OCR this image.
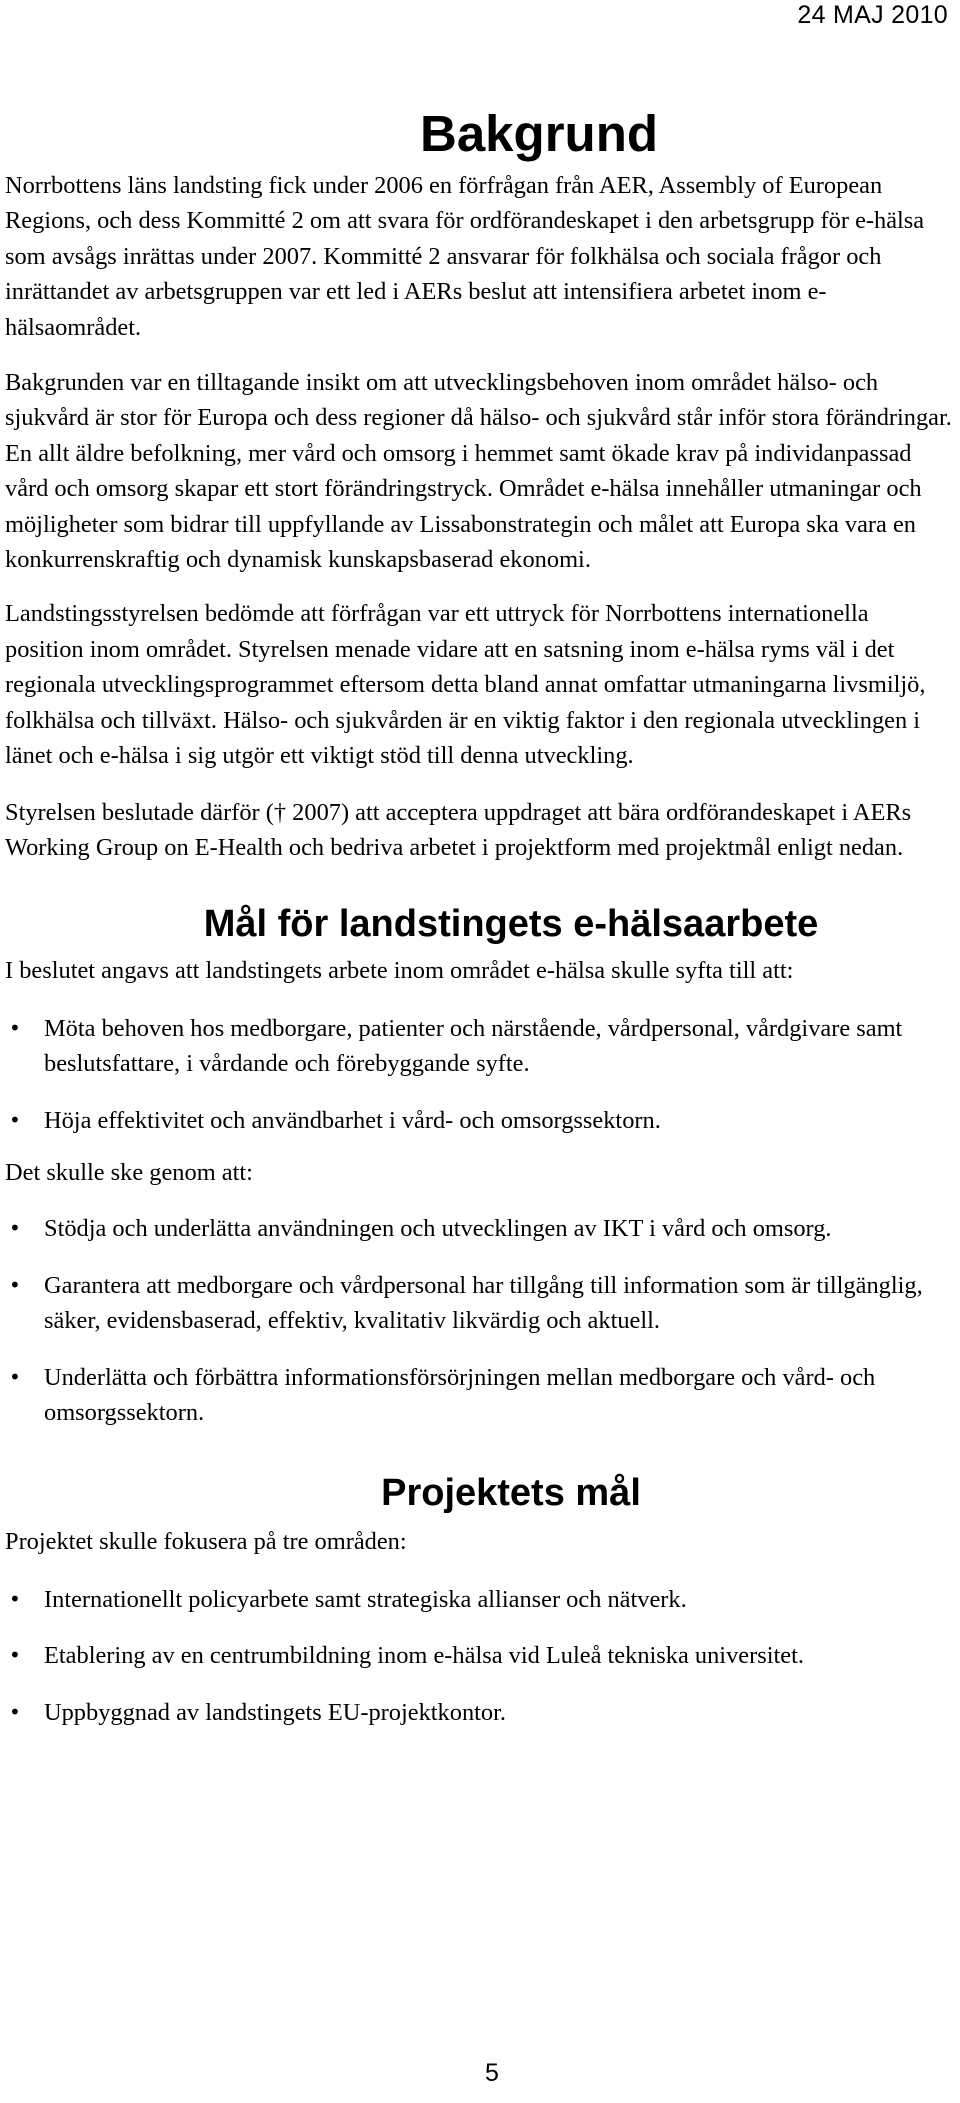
24 MAJ 2010
Bakgrund

Norrbottens läns landsting fick under 2006 en förfrågan från AER, Assembly of European Regions, och dess Kommitté 2 om att svara för ordförandeskapet i den arbetsgrupp för e-hälsa som avsågs inrättas under 2007. Kommitté 2 ansvarar för folkhälsa och sociala frågor och inrättandet av arbetsgruppen var ett led i AERs beslut att intensifiera arbetet inom e-hälsaområdet.

Bakgrunden var en tilltagande insikt om att utvecklingsbehoven inom området hälso- och sjukvård är stor för Europa och dess regioner då hälso- och sjukvård står inför stora förändringar. En allt äldre befolkning, mer vård och omsorg i hemmet samt ökade krav på individanpassad vård och omsorg skapar ett stort förändringstryck. Området e-hälsa innehåller utmaningar och möjligheter som bidrar till uppfyllande av Lissabonstrategin och målet att Europa ska vara en konkurrenskraftig och dynamisk kunskapsbaserad ekonomi.

Landstingsstyrelsen bedömde att förfrågan var ett uttryck för Norrbottens internationella position inom området. Styrelsen menade vidare att en satsning inom e-hälsa ryms väl i det regionala utvecklingsprogrammet eftersom detta bland annat omfattar utmaningarna livsmiljö, folkhälsa och tillväxt. Hälso- och sjukvården är en viktig faktor i den regionala utvecklingen i länet och e-hälsa i sig utgör ett viktigt stöd till denna utveckling.

Styrelsen beslutade därför († 2007) att acceptera uppdraget att bära ordförandeskapet i AERs Working Group on E-Health och bedriva arbetet i projektform med projektmål enligt nedan.

Mål för landstingets e-hälsaarbete

I beslutet angavs att landstingets arbete inom området e-hälsa skulle syfta till att:

• Möta behoven hos medborgare, patienter och närstående, vårdpersonal, vårdgivare samt beslutsfattare, i vårdande och förebyggande syfte.
• Höja effektivitet och användbarhet i vård- och omsorgssektorn.

Det skulle ske genom att:

• Stödja och underlätta användningen och utvecklingen av IKT i vård och omsorg.
• Garantera att medborgare och vårdpersonal har tillgång till information som är tillgänglig, säker, evidensbaserad, effektiv, kvalitativ likvärdig och aktuell.
• Underlätta och förbättra informationsförsörjningen mellan medborgare och vård- och omsorgssektorn.
Projektets mål

Projektet skulle fokusera på tre områden:

• Internationellt policyarbete samt strategiska allianser och nätverk.
• Etablering av en centrumbildning inom e-hälsa vid Luleå tekniska universitet.
• Uppbyggnad av landstingets EU-projektkontor.
5
